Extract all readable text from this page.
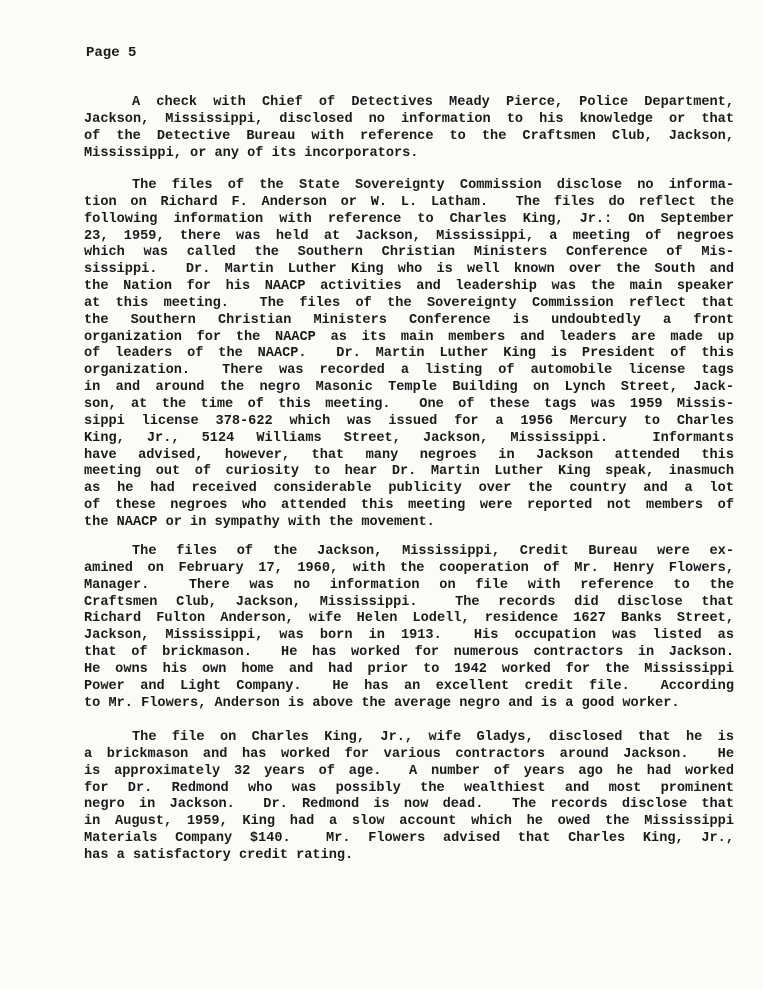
Page 5
A check with Chief of Detectives Meady Pierce, Police Department,
Jackson, Mississippi, disclosed no information to his knowledge or that
of the Detective Bureau with reference to the Craftsmen Club, Jackson,
Mississippi, or any of its incorporators.
The files of the State Sovereignty Commission disclose no informa-
tion on Richard F. Anderson or W. L. Latham.  The files do reflect the
following information with reference to Charles King, Jr.: On September
23, 1959, there was held at Jackson, Mississippi, a meeting of negroes
which was called the Southern Christian Ministers Conference of Mis-
sissippi.  Dr. Martin Luther King who is well known over the South and
the Nation for his NAACP activities and leadership was the main speaker
at this meeting.  The files of the Sovereignty Commission reflect that
the Southern Christian Ministers Conference is undoubtedly a front
organization for the NAACP as its main members and leaders are made up
of leaders of the NAACP.  Dr. Martin Luther King is President of this
organization.  There was recorded a listing of automobile license tags
in and around the negro Masonic Temple Building on Lynch Street, Jack-
son, at the time of this meeting.  One of these tags was 1959 Missis-
sippi license 378-622 which was issued for a 1956 Mercury to Charles
King, Jr., 5124 Williams Street, Jackson, Mississippi.  Informants
have advised, however, that many negroes in Jackson attended this
meeting out of curiosity to hear Dr. Martin Luther King speak, inasmuch
as he had received considerable publicity over the country and a lot
of these negroes who attended this meeting were reported not members of
the NAACP or in sympathy with the movement.
The files of the Jackson, Mississippi, Credit Bureau were ex-
amined on February 17, 1960, with the cooperation of Mr. Henry Flowers,
Manager.  There was no information on file with reference to the
Craftsmen Club, Jackson, Mississippi.  The records did disclose that
Richard Fulton Anderson, wife Helen Lodell, residence 1627 Banks Street,
Jackson, Mississippi, was born in 1913.  His occupation was listed as
that of brickmason.  He has worked for numerous contractors in Jackson.
He owns his own home and had prior to 1942 worked for the Mississippi
Power and Light Company.  He has an excellent credit file.  According
to Mr. Flowers, Anderson is above the average negro and is a good worker.
The file on Charles King, Jr., wife Gladys, disclosed that he is
a brickmason and has worked for various contractors around Jackson.  He
is approximately 32 years of age.  A number of years ago he had worked
for Dr. Redmond who was possibly the wealthiest and most prominent
negro in Jackson.  Dr. Redmond is now dead.  The records disclose that
in August, 1959, King had a slow account which he owed the Mississippi
Materials Company $140.  Mr. Flowers advised that Charles King, Jr.,
has a satisfactory credit rating.
